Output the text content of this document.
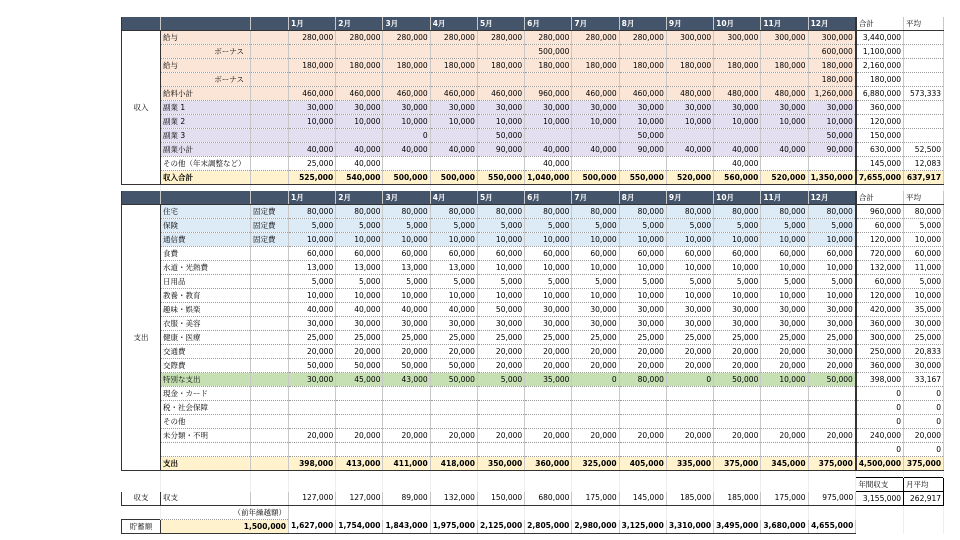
			1月	2月	3月	4月	5月	6月	7月	8月	9月	10月	11月	12月	合計	平均
収入	給与		280,000	280,000	280,000	280,000	280,000	280,000	280,000	280,000	300,000	300,000	300,000	300,000	3,440,000	
	ボーナス							500,000						600,000	1,100,000	
	給与		180,000	180,000	180,000	180,000	180,000	180,000	180,000	180,000	180,000	180,000	180,000	180,000	2,160,000	
	ボーナス													180,000	180,000	
	給料小計		460,000	460,000	460,000	460,000	460,000	960,000	460,000	460,000	480,000	480,000	480,000	1,260,000	6,880,000	573,333
	副業 1		30,000	30,000	30,000	30,000	30,000	30,000	30,000	30,000	30,000	30,000	30,000	30,000	360,000	
	副業 2		10,000	10,000	10,000	10,000	10,000	10,000	10,000	10,000	10,000	10,000	10,000	10,000	120,000	
	副業 3				0		50,000			50,000				50,000	150,000	
	副業小計		40,000	40,000	40,000	40,000	90,000	40,000	40,000	90,000	40,000	40,000	40,000	90,000	630,000	52,500
	その他（年末調整など）		25,000	40,000				40,000				40,000			145,000	12,083
	収入合計		525,000	540,000	500,000	500,000	550,000	1,040,000	500,000	550,000	520,000	560,000	520,000	1,350,000	7,655,000	637,917

			1月	2月	3月	4月	5月	6月	7月	8月	9月	10月	11月	12月	合計	平均
支出	住宅	固定費	80,000	80,000	80,000	80,000	80,000	80,000	80,000	80,000	80,000	80,000	80,000	80,000	960,000	80,000
	保険	固定費	5,000	5,000	5,000	5,000	5,000	5,000	5,000	5,000	5,000	5,000	5,000	5,000	60,000	5,000
	通信費	固定費	10,000	10,000	10,000	10,000	10,000	10,000	10,000	10,000	10,000	10,000	10,000	10,000	120,000	10,000
	食費		60,000	60,000	60,000	60,000	60,000	60,000	60,000	60,000	60,000	60,000	60,000	60,000	720,000	60,000
	水道・光熱費		13,000	13,000	13,000	13,000	10,000	10,000	10,000	10,000	10,000	10,000	10,000	10,000	132,000	11,000
	日用品		5,000	5,000	5,000	5,000	5,000	5,000	5,000	5,000	5,000	5,000	5,000	5,000	60,000	5,000
	教養・教育		10,000	10,000	10,000	10,000	10,000	10,000	10,000	10,000	10,000	10,000	10,000	10,000	120,000	10,000
	趣味・娯楽		40,000	40,000	40,000	40,000	50,000	30,000	30,000	30,000	30,000	30,000	30,000	30,000	420,000	35,000
	衣服・美容		30,000	30,000	30,000	30,000	30,000	30,000	30,000	30,000	30,000	30,000	30,000	30,000	360,000	30,000
	健康・医療		25,000	25,000	25,000	25,000	25,000	25,000	25,000	25,000	25,000	25,000	25,000	25,000	300,000	25,000
	交通費		20,000	20,000	20,000	20,000	20,000	20,000	20,000	20,000	20,000	20,000	20,000	30,000	250,000	20,833
	交際費		50,000	50,000	50,000	50,000	20,000	20,000	20,000	20,000	20,000	20,000	20,000	20,000	360,000	30,000
	特別な支出		30,000	45,000	43,000	50,000	5,000	35,000	0	80,000	0	50,000	10,000	50,000	398,000	33,167
	現金・カード														0	0
	税・社会保障														0	0
	その他														0	0
	未分類・不明		20,000	20,000	20,000	20,000	20,000	20,000	20,000	20,000	20,000	20,000	20,000	20,000	240,000	20,000
															0	0
	支出		398,000	413,000	411,000	418,000	350,000	360,000	325,000	405,000	335,000	375,000	345,000	375,000	4,500,000	375,000

															年間収支	月平均
収支	収支		127,000	127,000	89,000	132,000	150,000	680,000	175,000	145,000	185,000	185,000	175,000	975,000	3,155,000	262,917
	（前年繰越額）															
貯蓄額	1,500,000		1,627,000	1,754,000	1,843,000	1,975,000	2,125,000	2,805,000	2,980,000	3,125,000	3,310,000	3,495,000	3,680,000	4,655,000		
